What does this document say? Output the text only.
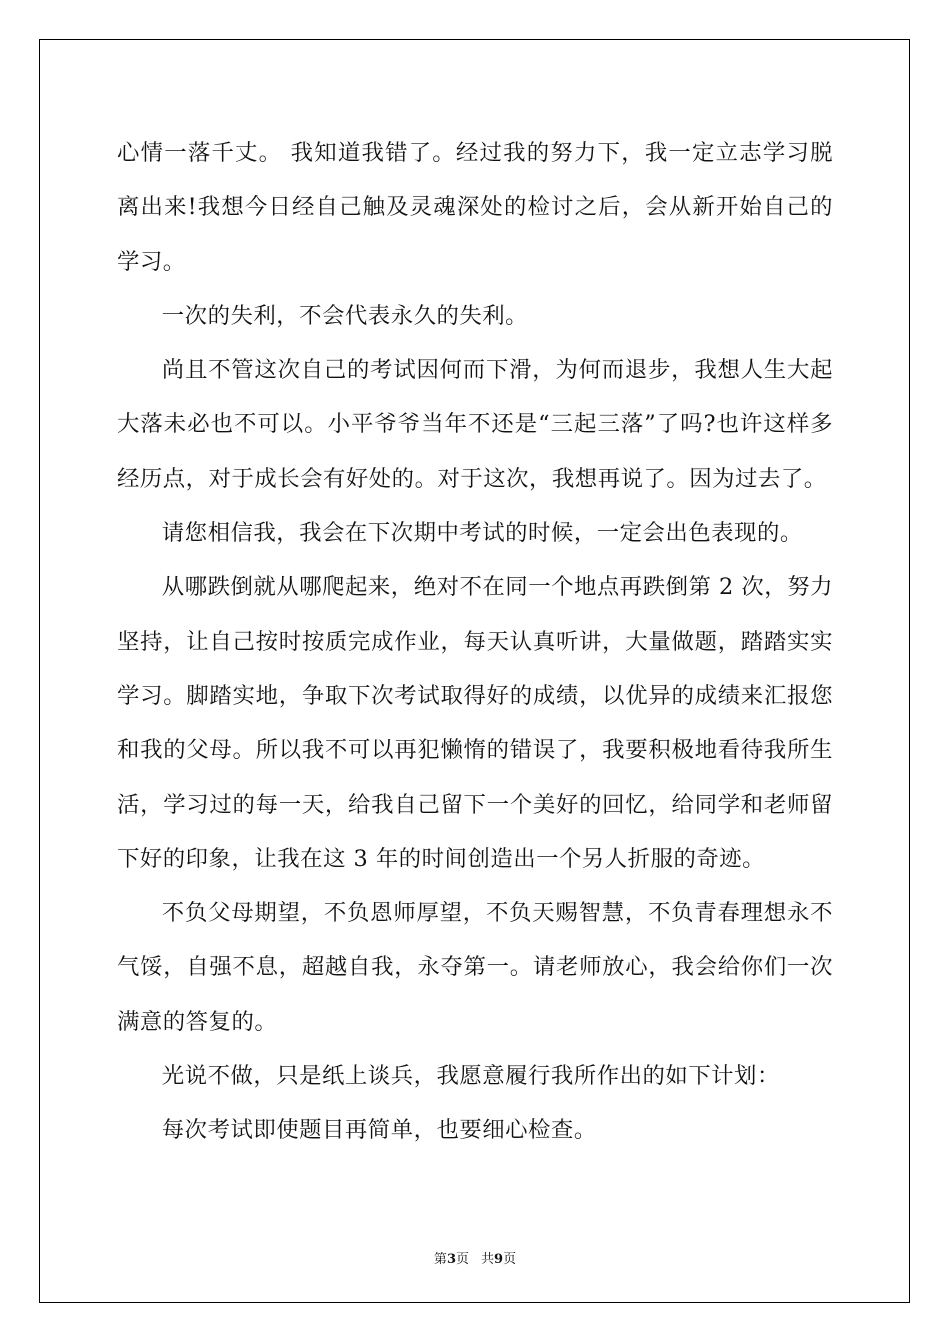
心情一落千丈。 我知道我错了。经过我的努力下，我一定立志学习脱离出来!我想今日经自己触及灵魂深处的检讨之后，会从新开始自己的学习。

一次的失利，不会代表永久的失利。

尚且不管这次自己的考试因何而下滑，为何而退步，我想人生大起大落未必也不可以。小平爷爷当年不还是“三起三落”了吗?也许这样多经历点，对于成长会有好处的。对于这次，我想再说了。因为过去了。

请您相信我，我会在下次期中考试的时候，一定会出色表现的。

从哪跌倒就从哪爬起来，绝对不在同一个地点再跌倒第 2 次，努力坚持，让自己按时按质完成作业，每天认真听讲，大量做题，踏踏实实学习。脚踏实地，争取下次考试取得好的成绩，以优异的成绩来汇报您和我的父母。所以我不可以再犯懒惰的错误了，我要积极地看待我所生活，学习过的每一天，给我自己留下一个美好的回忆，给同学和老师留下好的印象，让我在这 3 年的时间创造出一个另人折服的奇迹。

不负父母期望，不负恩师厚望，不负天赐智慧，不负青春理想永不气馁，自强不息，超越自我，永夺第一。请老师放心，我会给你们一次满意的答复的。

光说不做，只是纸上谈兵，我愿意履行我所作出的如下计划：

每次考试即使题目再简单，也要细心检查。

第3页 共9页
